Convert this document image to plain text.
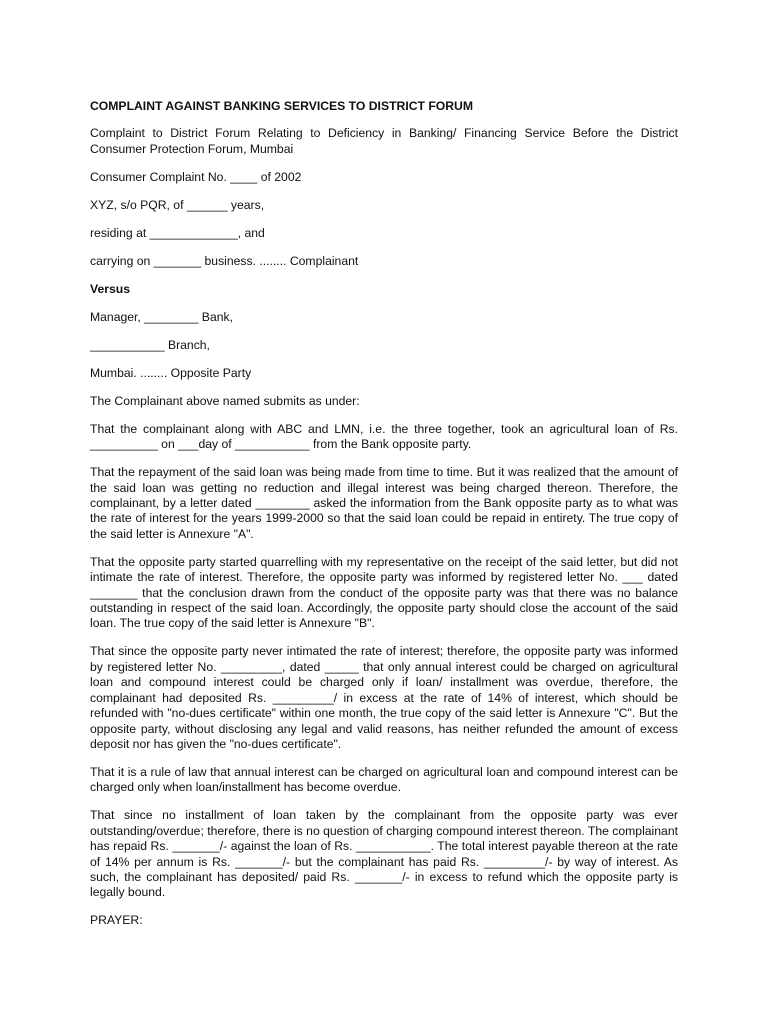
COMPLAINT AGAINST BANKING SERVICES TO DISTRICT FORUM
Complaint to District Forum Relating to Deficiency in Banking/ Financing Service Before the District Consumer Protection Forum, Mumbai
Consumer Complaint No. ____ of 2002
XYZ, s/o PQR, of ______ years,
residing at _____________, and
carrying on _______ business. ........ Complainant
Versus
Manager, ________ Bank,
___________ Branch,
Mumbai. ........ Opposite Party
The Complainant above named submits as under:
That the complainant along with ABC and LMN, i.e. the three together, took an agricultural loan of Rs. __________ on ___day of ___________ from the Bank opposite party.
That the repayment of the said loan was being made from time to time. But it was realized that the amount of the said loan was getting no reduction and illegal interest was being charged thereon. Therefore, the complainant, by a letter dated ________ asked the information from the Bank opposite party as to what was the rate of interest for the years 1999-2000 so that the said loan could be repaid in entirety. The true copy of the said letter is Annexure "A".
That the opposite party started quarrelling with my representative on the receipt of the said letter, but did not intimate the rate of interest. Therefore, the opposite party was informed by registered letter No. ___ dated _______ that the conclusion drawn from the conduct of the opposite party was that there was no balance outstanding in respect of the said loan. Accordingly, the opposite party should close the account of the said loan. The true copy of the said letter is Annexure "B".
That since the opposite party never intimated the rate of interest; therefore, the opposite party was informed by registered letter No. _________, dated _____ that only annual interest could be charged on agricultural loan and compound interest could be charged only if loan/ installment was overdue, therefore, the complainant had deposited Rs. _________/ in excess at the rate of 14% of interest, which should be refunded with "no-dues certificate" within one month, the true copy of the said letter is Annexure "C". But the opposite party, without disclosing any legal and valid reasons, has neither refunded the amount of excess deposit nor has given the "no-dues certificate".
That it is a rule of law that annual interest can be charged on agricultural loan and compound interest can be charged only when loan/installment has become overdue.
That since no installment of loan taken by the complainant from the opposite party was ever outstanding/overdue; therefore, there is no question of charging compound interest thereon. The complainant has repaid Rs. _______/- against the loan of Rs. ___________. The total interest payable thereon at the rate of 14% per annum is Rs. _______/- but the complainant has paid Rs. _________/- by way of interest. As such, the complainant has deposited/ paid Rs. _______/- in excess to refund which the opposite party is legally bound.
PRAYER:
